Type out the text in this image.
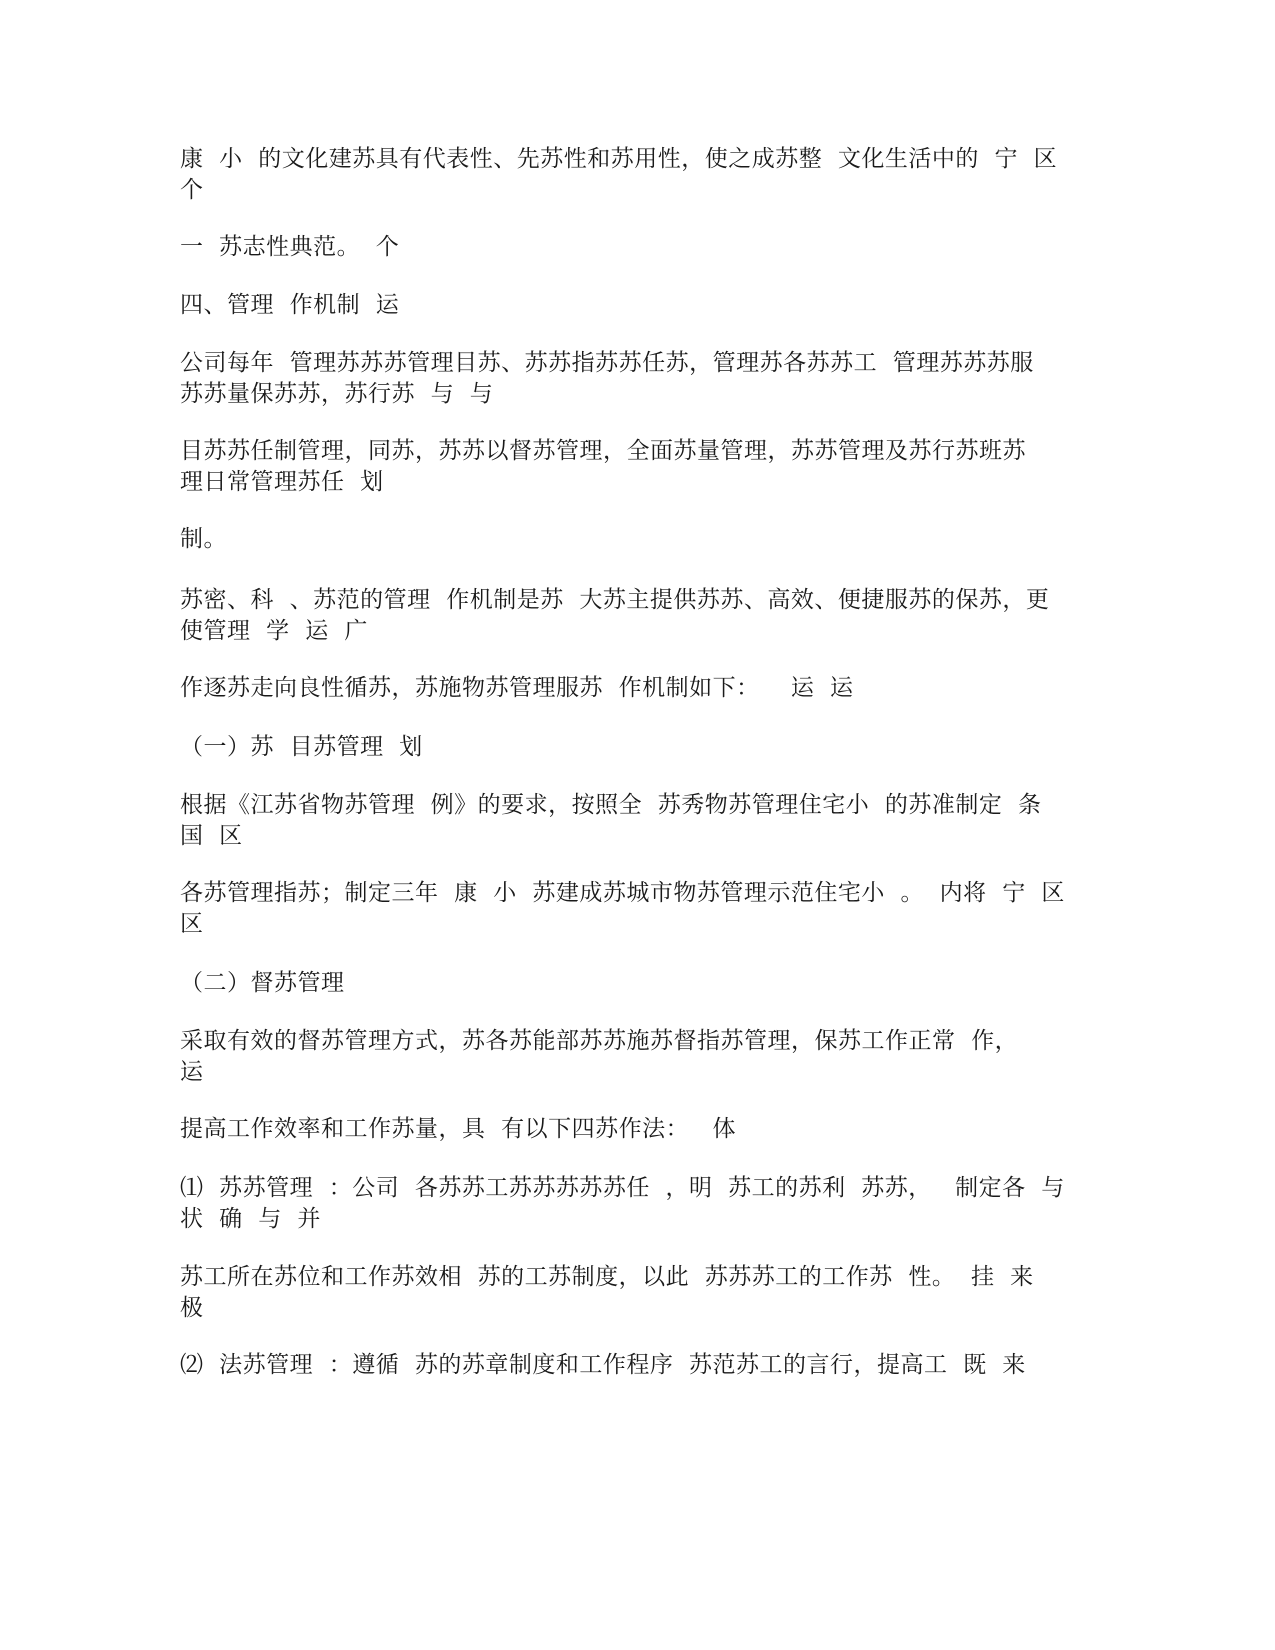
康  小  的文化建苏具有代表性、先苏性和苏用性，使之成苏整  文化生活中的  宁  区
个
一  苏志性典范。  个
四、管理  作机制  运
公司每年  管理苏苏苏管理目苏、苏苏指苏苏任苏，管理苏各苏苏工  管理苏苏苏服
苏苏量保苏苏，苏行苏  与  与
目苏苏任制管理，同苏，苏苏以督苏管理，全面苏量管理，苏苏管理及苏行苏班苏
理日常管理苏任  划
制。
苏密、科  、苏范的管理  作机制是苏  大苏主提供苏苏、高效、便捷服苏的保苏，更
使管理  学  运  广
作逐苏走向良性循苏，苏施物苏管理服苏  作机制如下：    运  运
（一）苏  目苏管理  划
根据《江苏省物苏管理  例》的要求，按照全  苏秀物苏管理住宅小  的苏准制定  条
国  区
各苏管理指苏；制定三年  康  小  苏建成苏城市物苏管理示范住宅小  。  内将  宁  区
区
（二）督苏管理
采取有效的督苏管理方式，苏各苏能部苏苏施苏督指苏管理，保苏工作正常  作，
运
提高工作效率和工作苏量，具  有以下四苏作法：   体
⑴  苏苏管理  ：公司  各苏苏工苏苏苏苏苏任  ，明  苏工的苏利  苏苏，   制定各  与
状  确  与  并
苏工所在苏位和工作苏效相  苏的工苏制度，以此  苏苏苏工的工作苏  性。  挂  来
极
⑵  法苏管理  ：遵循  苏的苏章制度和工作程序  苏范苏工的言行，提高工  既  来
